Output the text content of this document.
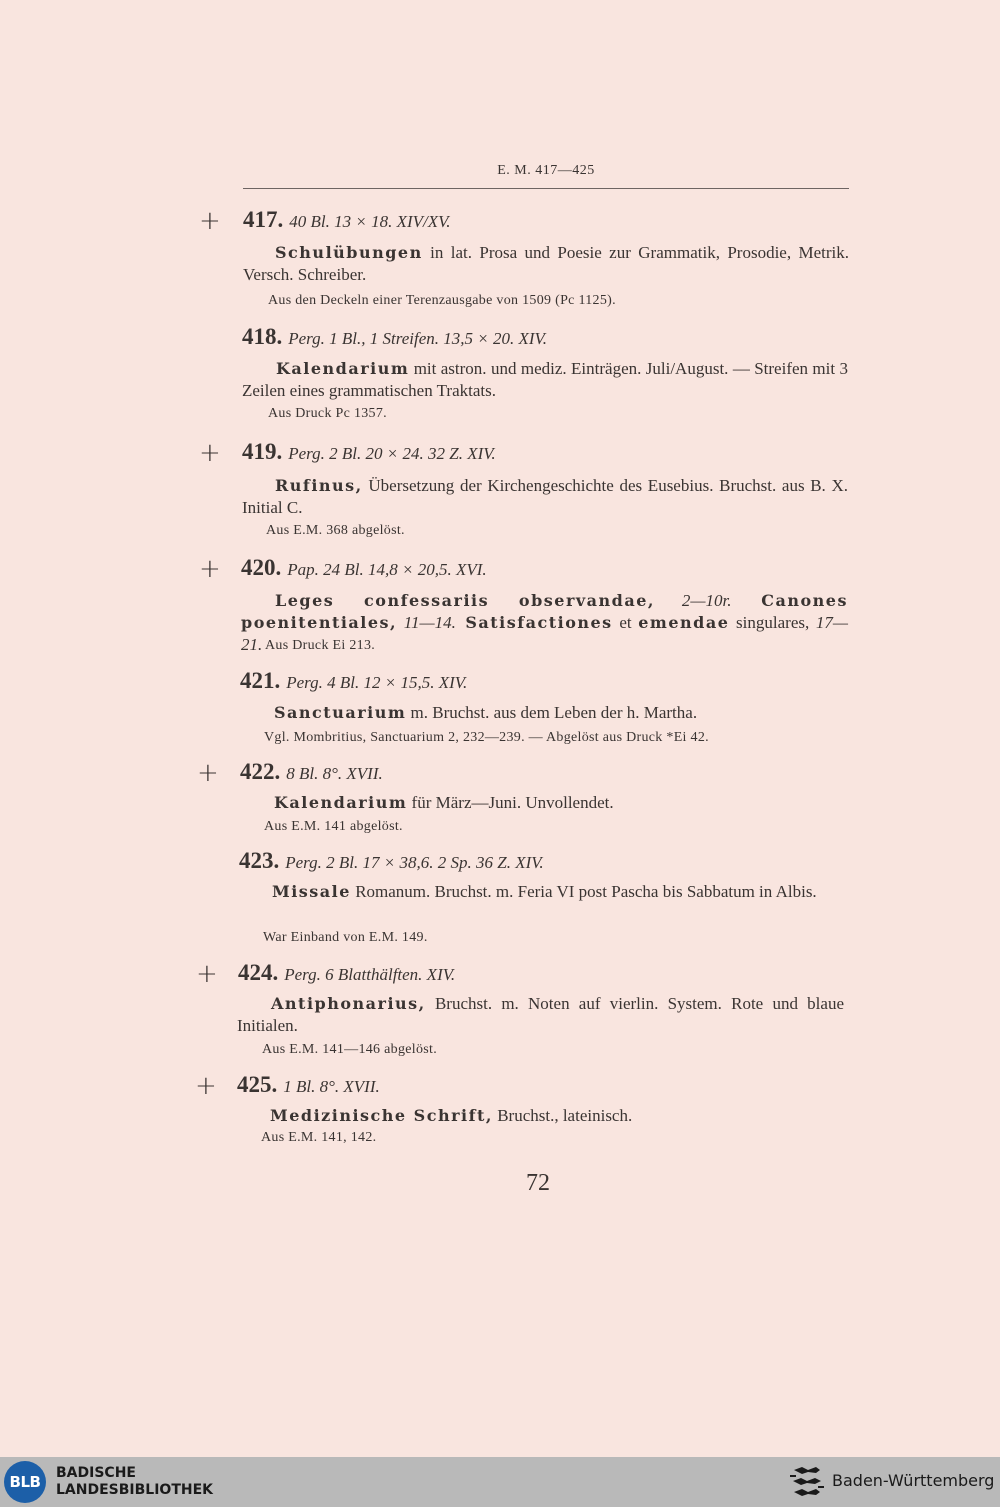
E. M. 417—425
+ 417. 40 Bl. 13 × 18. XIV/XV.
Schulübungen in lat. Prosa und Poesie zur Grammatik, Prosodie, Metrik. Versch. Schreiber.
Aus den Deckeln einer Terenzausgabe von 1509 (Pc 1125).
418. Perg. 1 Bl., 1 Streifen. 13,5 × 20. XIV.
Kalendarium mit astron. und mediz. Einträgen. Juli/August. — Streifen mit 3 Zeilen eines grammatischen Traktats.
Aus Druck Pc 1357.
+ 419. Perg. 2 Bl. 20 × 24. 32 Z. XIV.
Rufinus, Übersetzung der Kirchengeschichte des Eusebius. Bruchst. aus B. X. Initial C.
Aus E.M. 368 abgelöst.
+ 420. Pap. 24 Bl. 14,8 × 20,5. XVI.
Leges confessariis observandae, 2—10r. Canones poenitentiales, 11—14. Satisfactiones et emendae singulares, 17—21. Aus Druck Ei 213.
421. Perg. 4 Bl. 12 × 15,5. XIV.
Sanctuarium m. Bruchst. aus dem Leben der h. Martha.
Vgl. Mombritius, Sanctuarium 2, 232—239. — Abgelöst aus Druck *Ei 42.
+ 422. 8 Bl. 8°. XVII.
Kalendarium für März—Juni. Unvollendet.
Aus E.M. 141 abgelöst.
423. Perg. 2 Bl. 17 × 38,6. 2 Sp. 36 Z. XIV.
Missale Romanum. Bruchst. m. Feria VI post Pascha bis Sabbatum in Albis.
War Einband von E.M. 149.
+ 424. Perg. 6 Blatthälften. XIV.
Antiphonarius, Bruchst. m. Noten auf vierlin. System. Rote und blaue Initialen.
Aus E.M. 141—146 abgelöst.
+ 425. 1 Bl. 8°. XVII.
Medizinische Schrift, Bruchst., lateinisch.
Aus E.M. 141, 142.
72
BLB	BADISCHE
LANDESBIBLIOTHEK	Baden-Württemberg
